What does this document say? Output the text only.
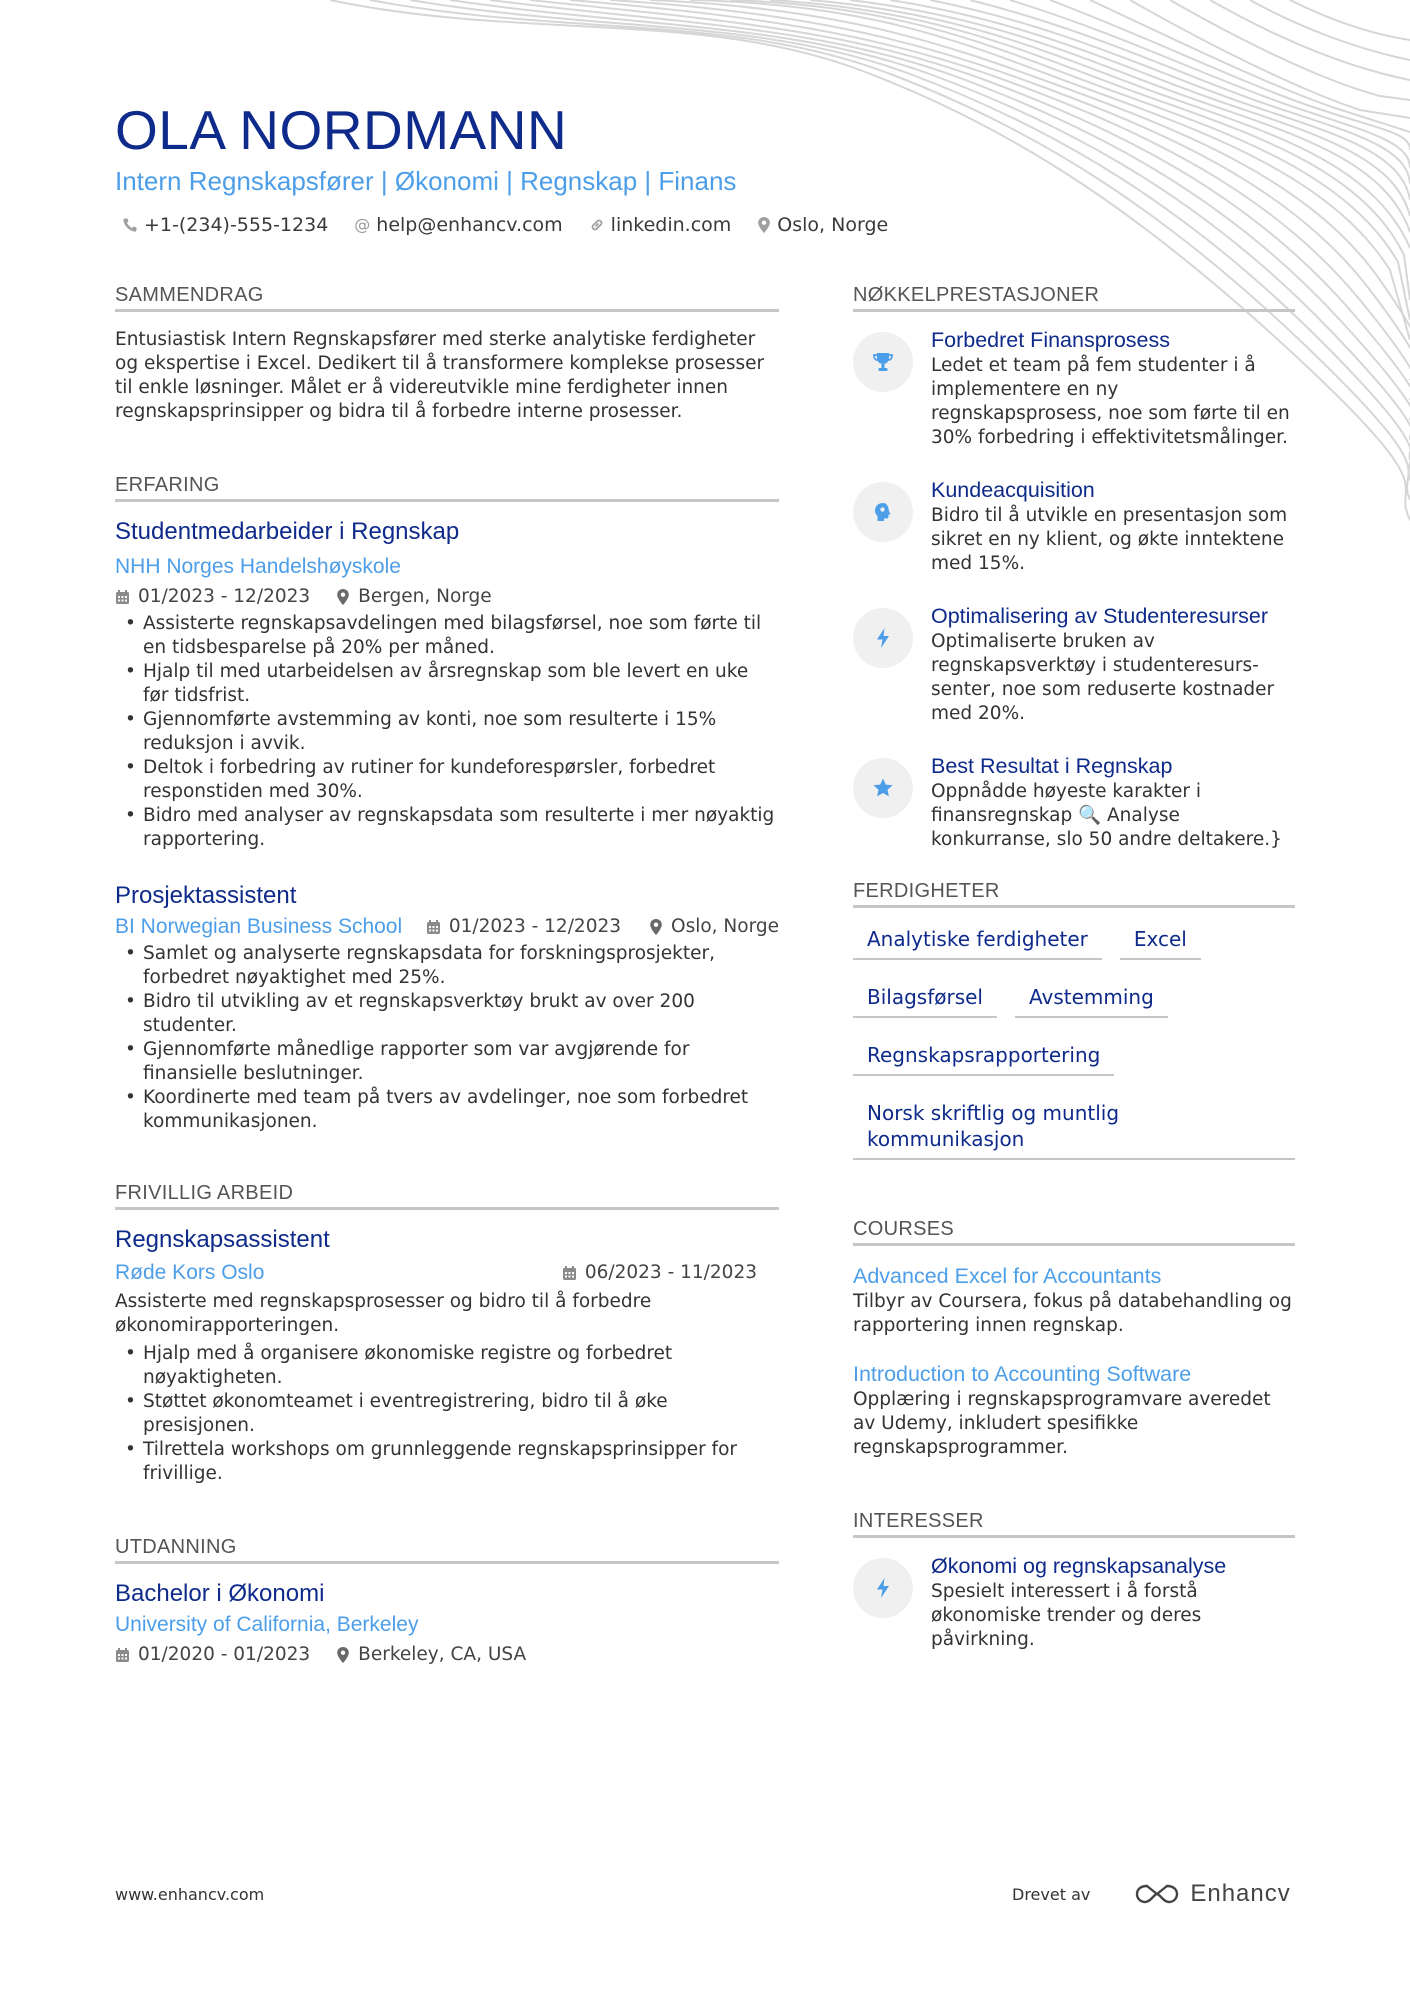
OLA NORDMANN
Intern Regnskapsfører | Økonomi | Regnskap | Finans
+1-(234)-555-1234 @ help@enhancv.com	linkedin.com Oslo, Norge
SAMMENDRAG

Entusiastisk Intern Regnskapsfører med sterke analytiske ferdigheter og ekspertise i Excel. Dedikert til å transformere komplekse prosesser til enkle løsninger. Målet er å videreutvikle mine ferdigheter innen regnskapsprinsipper og bidra til å forbedre interne prosesser.

ERFARING
Studentmedarbeider i Regnskap
NHH Norges Handelshøyskole
01/2023 - 12/2023	Bergen, Norge
• Assisterte regnskapsavdelingen med bilagsførsel, noe som førte til en tidsbesparelse på 20% per måned.
• Hjalp til med utarbeidelsen av årsregnskap som ble levert en uke før tidsfrist.
• Gjennomførte avstemming av konti, noe som resulterte i 15% reduksjon i avvik.
• Deltok i forbedring av rutiner for kundeforespørsler, forbedret responstiden med 30%.
• Bidro med analyser av regnskapsdata som resulterte i mer nøyaktig rapportering.
Prosjektassistent
BI Norwegian Business School	01/2023 - 12/2023	Oslo, Norge
• Samlet og analyserte regnskapsdata for forskningsprosjekter, forbedret nøyaktighet med 25%.
• Bidro til utvikling av et regnskapsverktøy brukt av over 200 studenter.
• Gjennomførte månedlige rapporter som var avgjørende for finansielle beslutninger.
• Koordinerte med team på tvers av avdelinger, noe som forbedret kommunikasjonen.
FRIVILLIG ARBEID
Regnskapsassistent
Røde Kors Oslo	06/2023 - 11/2023

Assisterte med regnskapsprosesser og bidro til å forbedre økonomirapporteringen.

• Hjalp med å organisere økonomiske registre og forbedret nøyaktigheten.
• Støttet økonomteamet i eventregistrering, bidro til å øke presisjonen.
• Tilrettela workshops om grunnleggende regnskapsprinsipper for frivillige.
UTDANNING
Bachelor i Økonomi
University of California, Berkeley
01/2020 - 01/2023	Berkeley, CA, USA
NØKKELPRESTASJONER
Forbedret Finansprosess
Ledet et team på fem studenter i å implementere en ny regnskapsprosess, noe som førte til en 30% forbedring i effektivitetsmålinger.
Kundeacquisition
Bidro til å utvikle en presentasjon som sikret en ny klient, og økte inntektene med 15%.
Optimalisering av Studenteresurser
Optimaliserte bruken av regnskapsverktøy i studenteresurs-senter, noe som reduserte kostnader med 20%.
Best Resultat i Regnskap
Oppnådde høyeste karakter i finansregnskap 🔍 Analyse konkurranse, slo 50 andre deltakere.}
FERDIGHETER
Analytiske ferdigheter	Excel
Bilagsførsel	Avstemming
Regnskapsrapportering
Norsk skriftlig og muntlig kommunikasjon
COURSES
Advanced Excel for Accountants
Tilbyr av Coursera, fokus på databehandling og rapportering innen regnskap.
Introduction to Accounting Software
Opplæring i regnskapsprogramvare averedet av Udemy, inkludert spesifikke regnskapsprogrammer.
INTERESSER
Økonomi og regnskapsanalyse
Spesielt interessert i å forstå økonomiske trender og deres påvirkning.
www.enhancv.com	Drevet av	Enhancv
